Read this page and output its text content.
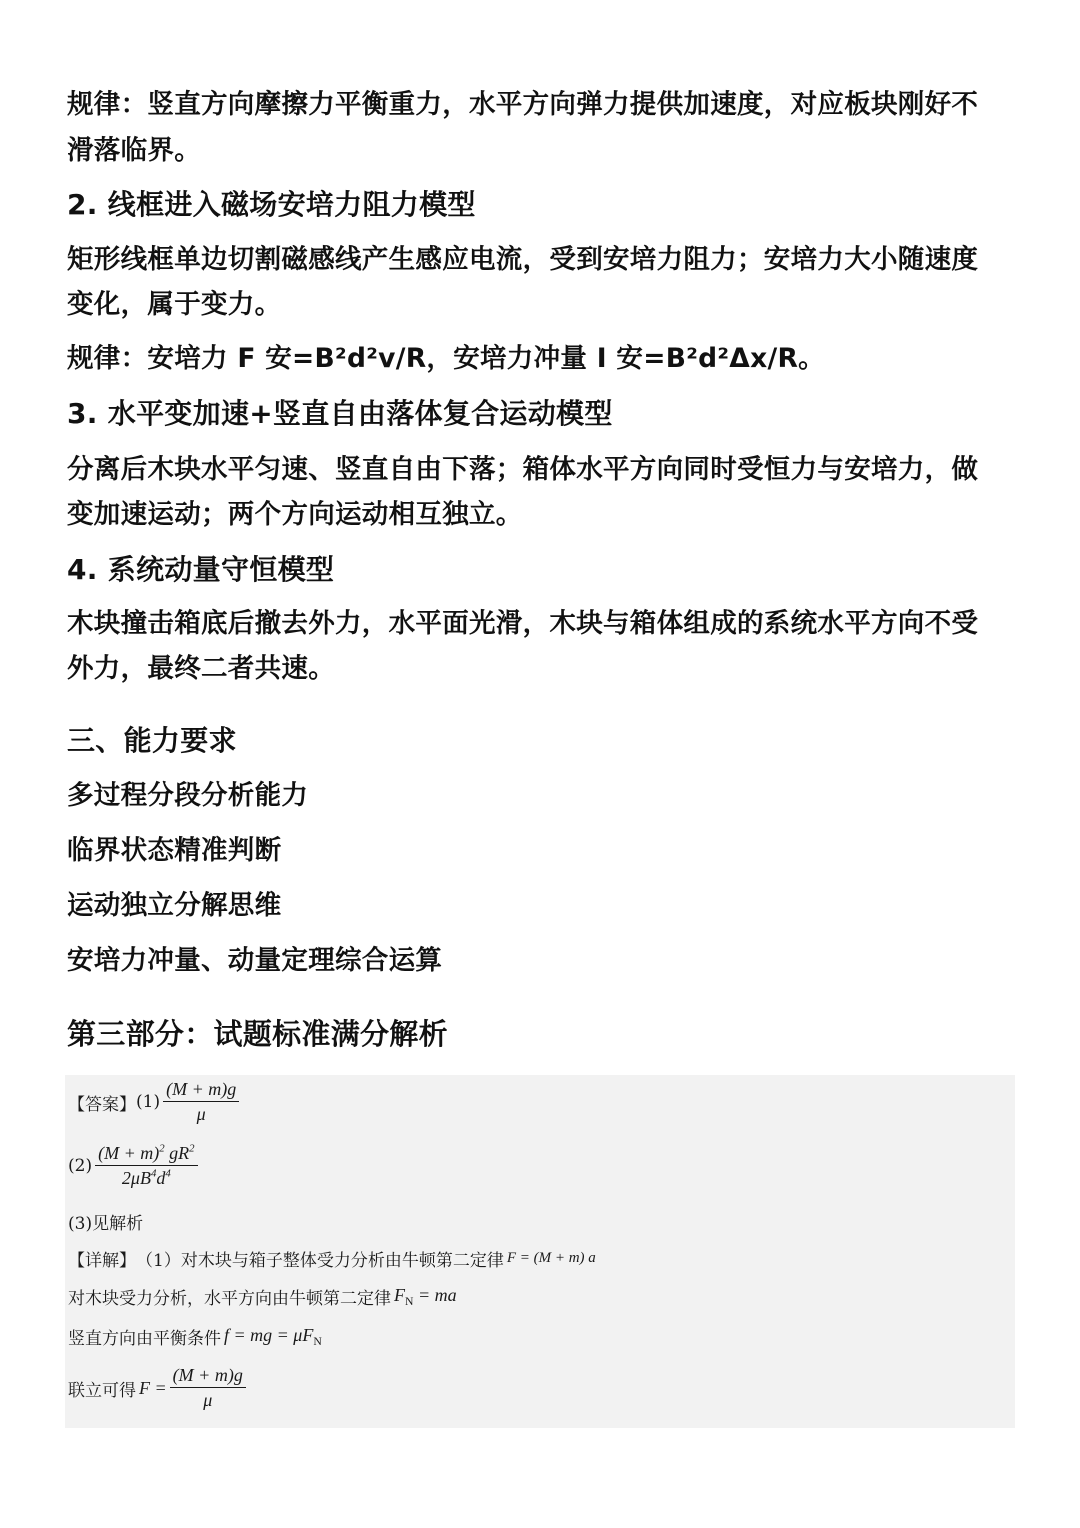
规律：竖直方向摩擦力平衡重力，水平方向弹力提供加速度，对应板块刚好不
滑落临界。
2. 线框进入磁场安培力阻力模型
矩形线框单边切割磁感线产生感应电流，受到安培力阻力；安培力大小随速度
变化，属于变力。
规律：安培力 F 安=B²d²v/R，安培力冲量 I 安=B²d²Δx/R。
3. 水平变加速+竖直自由落体复合运动模型
分离后木块水平匀速、竖直自由下落；箱体水平方向同时受恒力与安培力，做
变加速运动；两个方向运动相互独立。
4. 系统动量守恒模型
木块撞击箱底后撤去外力，水平面光滑，木块与箱体组成的系统水平方向不受
外力，最终二者共速。
三、能力要求
多过程分段分析能力
临界状态精准判断
运动独立分解思维
安培力冲量、动量定理综合运算
第三部分：试题标准满分解析
【答案】 $(1) \frac{(M + m)g}{\mu}$
$(2) \frac{(M + m)^2 gR^2}{2\mu B^4d^4}$
(3)见解析
【详解】 （1）对木块与箱子整体受力分析由牛顿第二定律 F = (M + m) a
对木块受力分析，水平方向由牛顿第二定律 $F_N$ = ma
竖直方向由平衡条件 f = mg = $\mu F_N$
联立可得 $F = \frac{(M + m)g}{\mu}$
